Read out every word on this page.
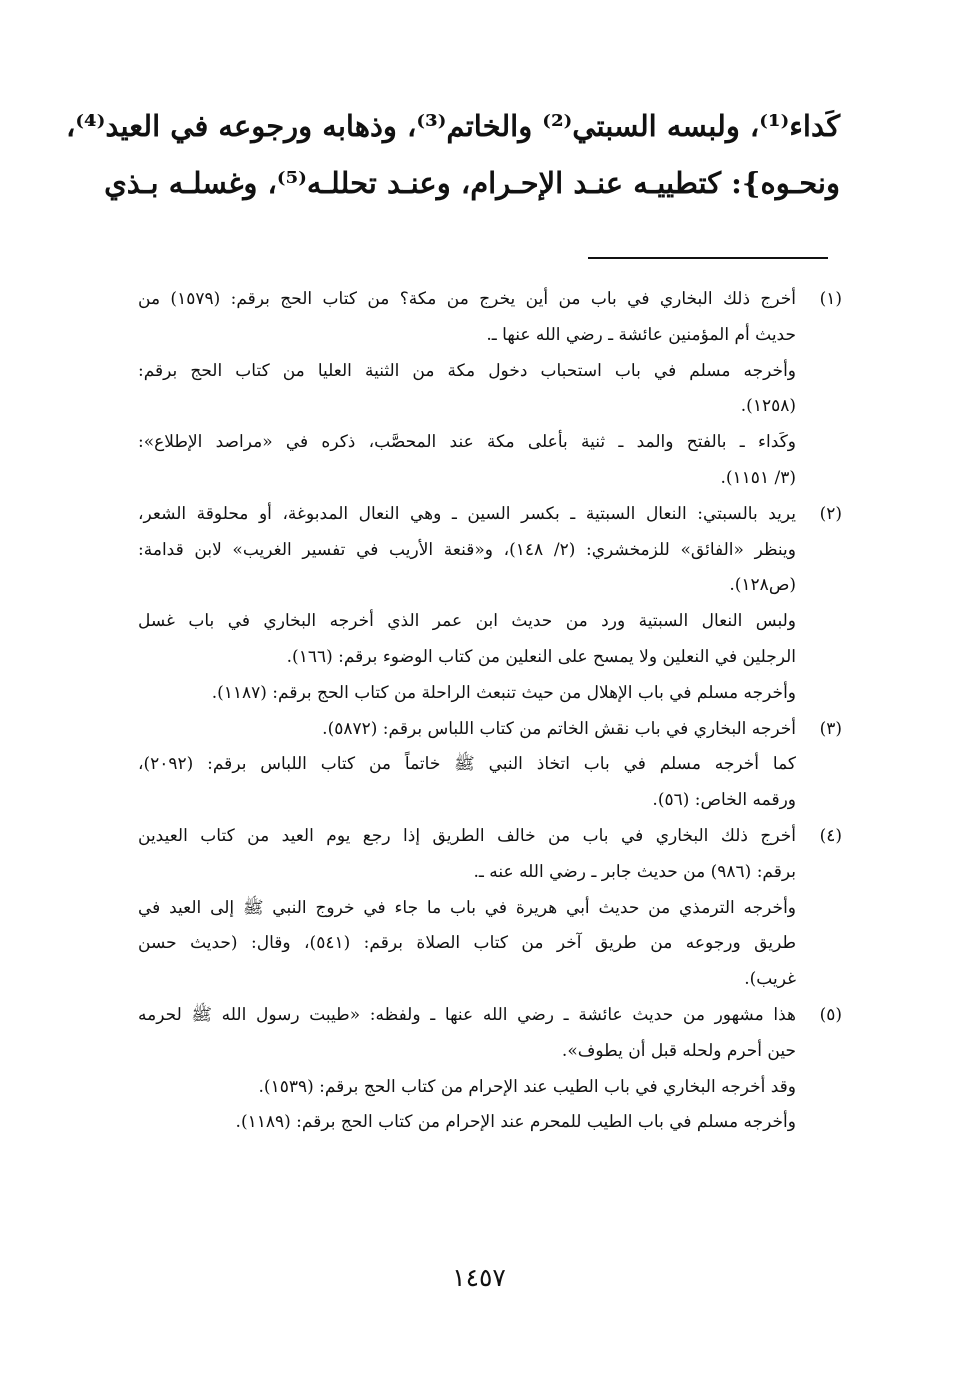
كَداء⁽¹⁾، ولبسه السبتي⁽²⁾ والخاتم⁽³⁾، وذهابه ورجوعه في العيد⁽⁴⁾،
ونحـوه}: كتطييـه عنـد الإحـرام، وعنـد تحللـه⁽⁵⁾، وغسلـه بـذي
(١)
أخرج ذلك البخاري في باب من أين يخرج من مكة؟ من كتاب الحج برقم: (١٥٧٩) من
حديث أم المؤمنين عائشة ـ رضي الله عنها ـ.
وأخرجه مسلم في باب استحباب دخول مكة من الثنية العليا من كتاب الحج برقم:
(١٢٥٨).
وكَداء ـ بالفتح والمد ـ ثنية بأعلى مكة عند المحصَّب، ذكره في «مراصد الإطلاع»:
(٣/ ١١٥١).
(٢)
يريد بالسبتي: النعال السبتية ـ بكسر السين ـ وهي النعال المدبوغة، أو محلوقة الشعر،
وينظر «الفائق» للزمخشري: (٢/ ١٤٨)، و«قنعة الأريب في تفسير الغريب» لابن قدامة:
(ص١٢٨).
ولبس النعال السبتية ورد من حديث ابن عمر الذي أخرجه البخاري في باب غسل
الرجلين في النعلين ولا يمسح على النعلين من كتاب الوضوء برقم: (١٦٦).
وأخرجه مسلم في باب الإهلال من حيث تنبعث الراحلة من كتاب الحج برقم: (١١٨٧).
(٣)
أخرجه البخاري في باب نقش الخاتم من كتاب اللباس برقم: (٥٨٧٢).
كما أخرجه مسلم في باب اتخاذ النبي ﷺ خاتماً من كتاب اللباس برقم: (٢٠٩٢)،
ورقمه الخاص: (٥٦).
(٤)
أخرج ذلك البخاري في باب من خالف الطريق إذا رجع يوم العيد من كتاب العيدين
برقم: (٩٨٦) من حديث جابر ـ رضي الله عنه ـ.
وأخرجه الترمذي من حديث أبي هريرة في باب ما جاء في خروج النبي ﷺ إلى العيد في
طريق ورجوعه من طريق آخر من كتاب الصلاة برقم: (٥٤١)، وقال: (حديث حسن
غريب).
(٥)
هذا مشهور من حديث عائشة ـ رضي الله عنها ـ ولفظه: «طيبت رسول الله ﷺ لحرمه
حين أحرم ولحله قبل أن يطوف».
وقد أخرجه البخاري في باب الطيب عند الإحرام من كتاب الحج برقم: (١٥٣٩).
وأخرجه مسلم في باب الطيب للمحرم عند الإحرام من كتاب الحج برقم: (١١٨٩).
١٤٥٧
